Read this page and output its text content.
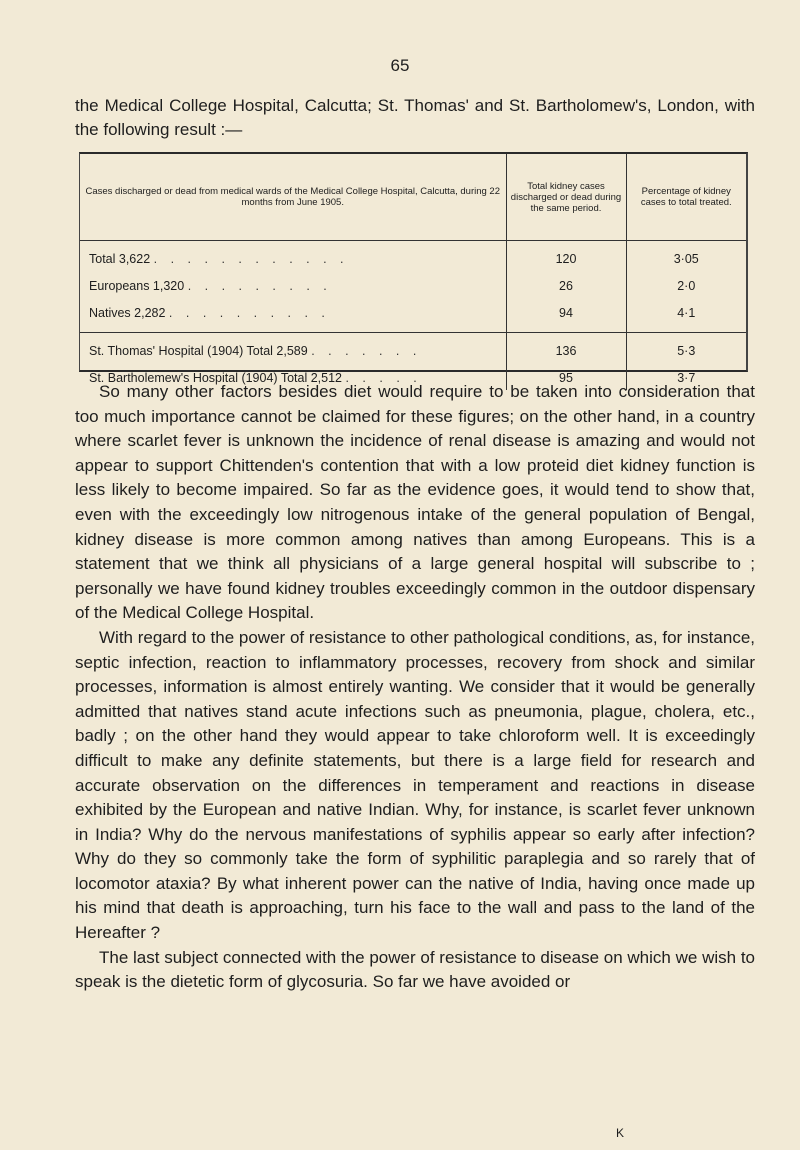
65
the Medical College Hospital, Calcutta; St. Thomas' and St. Bartholomew's, London, with the following result :—
Cases discharged or dead from medical wards of the Medical College Hospital, Calcutta, during 22 months from June 1905.	Total kidney cases discharged or dead during the same period.	Percentage of kidney cases to total treated.
Total 3,622 . . . . . . . . . . . .	120	3·05
Europeans 1,320 . . . . . . . . .	26	2·0
Natives 2,282 . . . . . . . . . .	94	4·1
St. Thomas' Hospital (1904) Total 2,589 . . . . . . .	136	5·3
St. Bartholemew's Hospital (1904) Total 2,512 . . . . .	95	3·7

So many other factors besides diet would require to be taken into consideration that too much importance cannot be claimed for these figures; on the other hand, in a country where scarlet fever is unknown the incidence of renal disease is amazing and would not appear to support Chittenden's contention that with a low proteid diet kidney function is less likely to become impaired. So far as the evidence goes, it would tend to show that, even with the exceedingly low nitrogenous intake of the general population of Bengal, kidney disease is more common among natives than among Europeans. This is a statement that we think all physicians of a large general hospital will subscribe to ; personally we have found kidney troubles exceedingly common in the outdoor dispensary of the Medical College Hospital.

With regard to the power of resistance to other pathological conditions, as, for instance, septic infection, reaction to inflammatory processes, recovery from shock and similar processes, information is almost entirely wanting. We consider that it would be generally admitted that natives stand acute infections such as pneumonia, plague, cholera, etc., badly ; on the other hand they would appear to take chloroform well. It is exceedingly difficult to make any definite statements, but there is a large field for research and accurate observation on the differences in temperament and reactions in disease exhibited by the European and native Indian. Why, for instance, is scarlet fever unknown in India? Why do the nervous manifestations of syphilis appear so early after infection? Why do they so commonly take the form of syphilitic paraplegia and so rarely that of locomotor ataxia? By what inherent power can the native of India, having once made up his mind that death is approaching, turn his face to the wall and pass to the land of the Hereafter ?

The last subject connected with the power of resistance to disease on which we wish to speak is the dietetic form of glycosuria. So far we have avoided or

K
